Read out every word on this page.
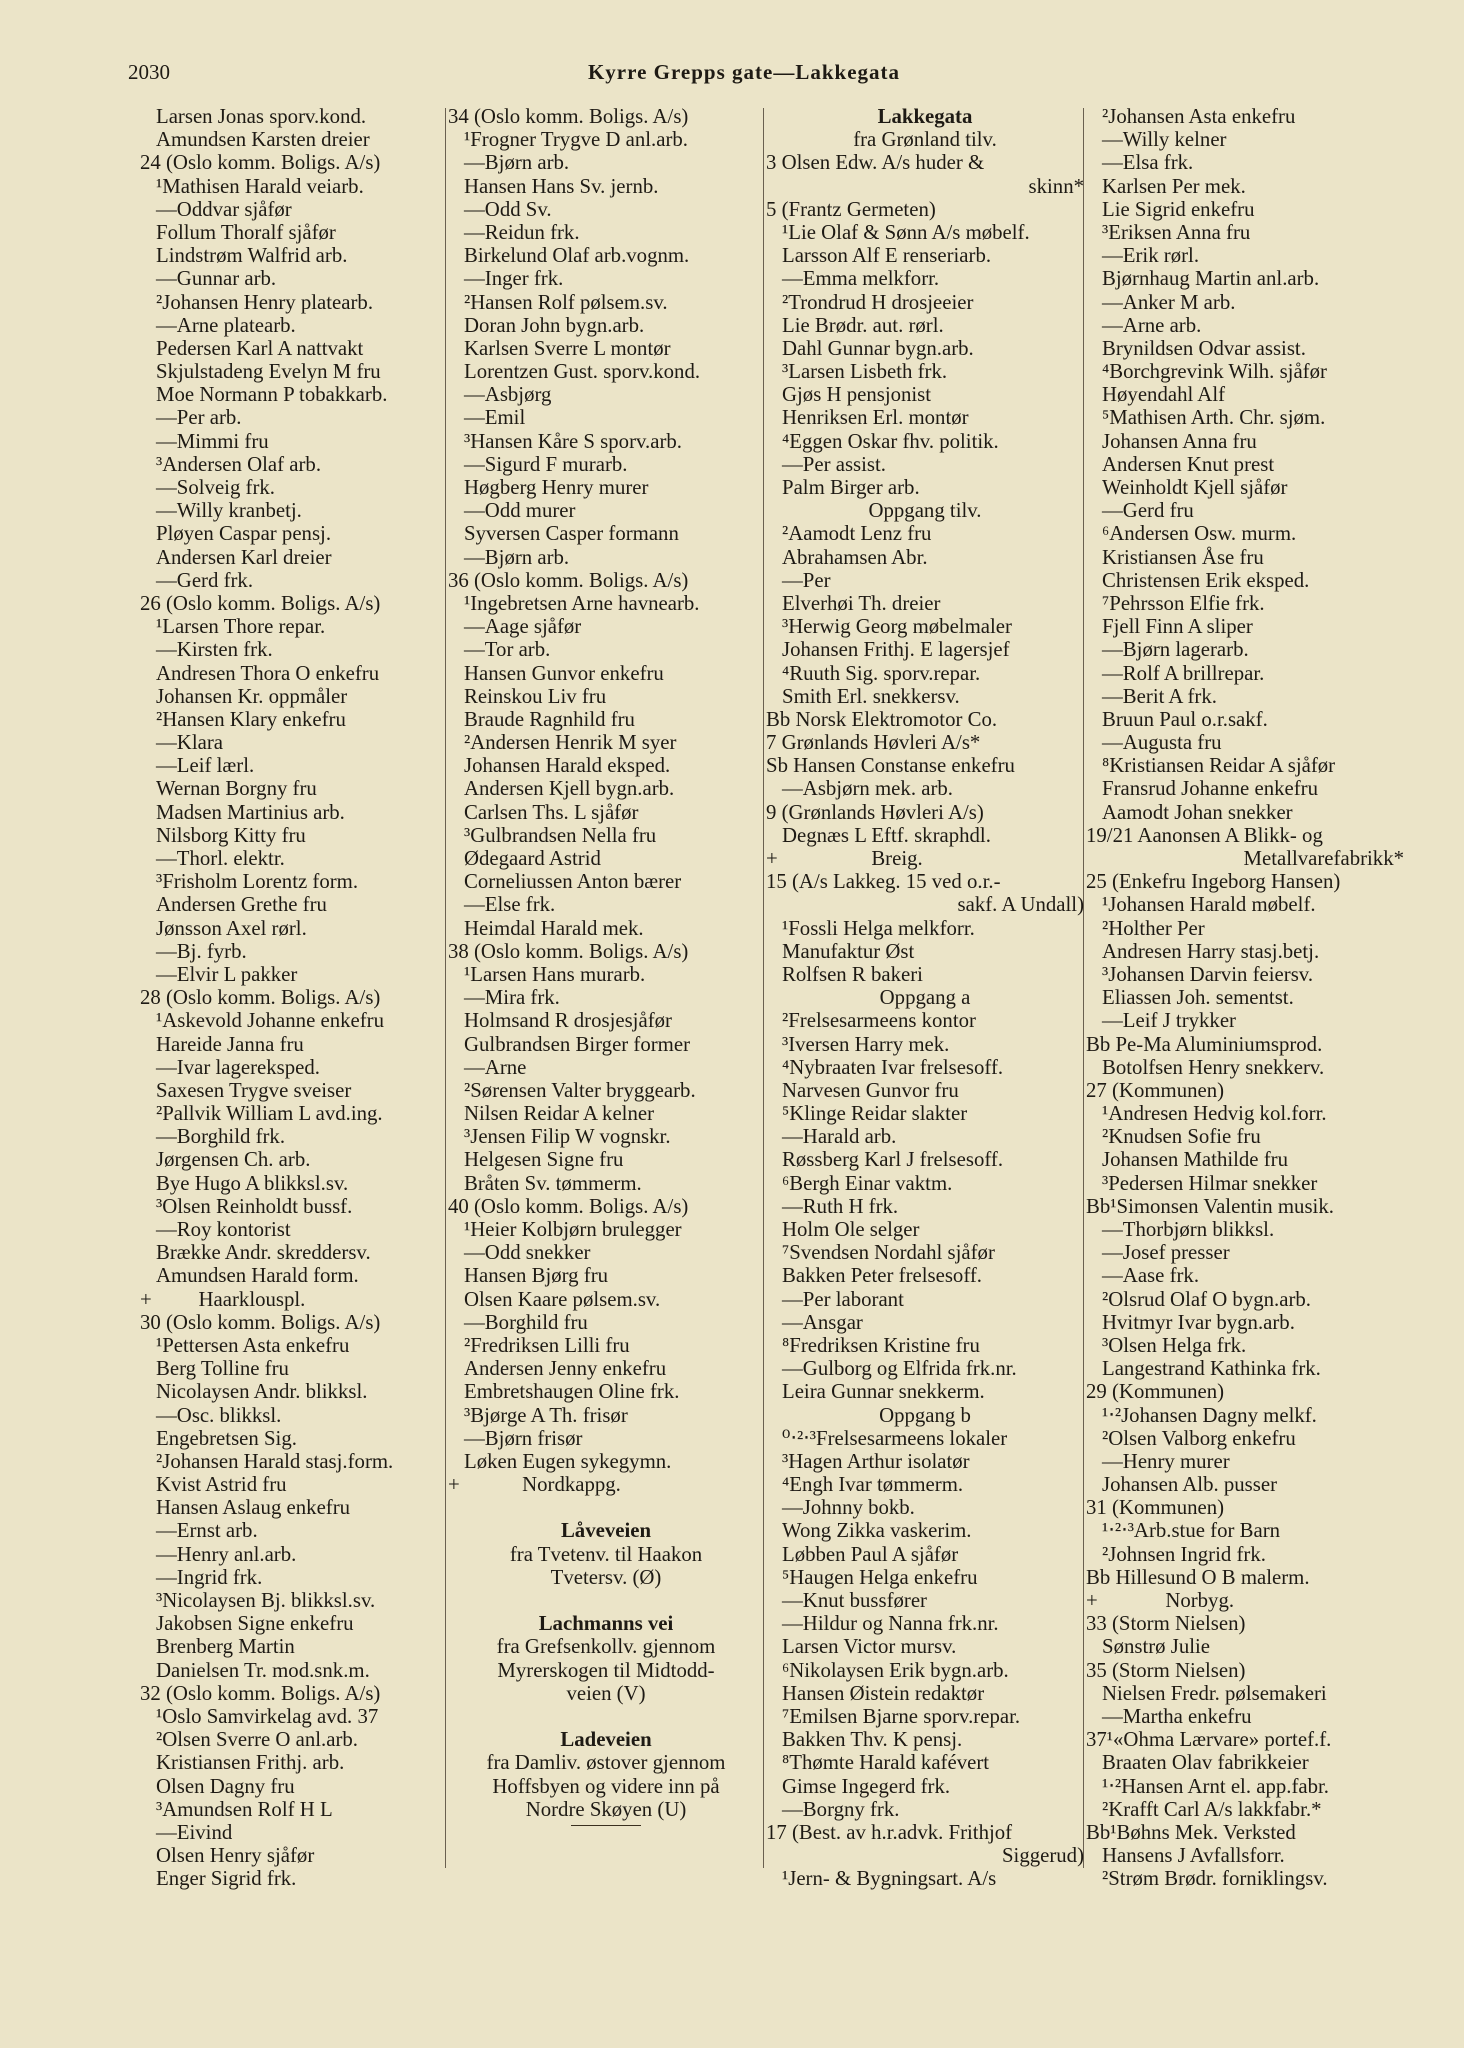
2030	Kyrre Grepps gate—Lakkegata
Larsen Jonas sporv.kond.
Amundsen Karsten dreier
24 (Oslo komm. Boligs. A/s)
¹Mathisen Harald veiarb.
—Oddvar sjåfør
Follum Thoralf sjåfør
Lindstrøm Walfrid arb.
—Gunnar arb.
²Johansen Henry platearb.
—Arne platearb.
Pedersen Karl A nattvakt
Skjulstadeng Evelyn M fru
Moe Normann P tobakkarb.
—Per arb.
—Mimmi fru
³Andersen Olaf arb.
—Solveig frk.
—Willy kranbetj.
Pløyen Caspar pensj.
Andersen Karl dreier
—Gerd frk.
26 (Oslo komm. Boligs. A/s)
¹Larsen Thore repar.
—Kirsten frk.
Andresen Thora O enkefru
Johansen Kr. oppmåler
²Hansen Klary enkefru
—Klara
—Leif lærl.
Wernan Borgny fru
Madsen Martinius arb.
Nilsborg Kitty fru
—Thorl. elektr.
³Frisholm Lorentz form.
Andersen Grethe fru
Jønsson Axel rørl.
—Bj. fyrb.
—Elvir L pakker
28 (Oslo komm. Boligs. A/s)
¹Askevold Johanne enkefru
Hareide Janna fru
—Ivar lagereksped.
Saxesen Trygve sveiser
²Pallvik William L avd.ing.
—Borghild frk.
Jørgensen Ch. arb.
Bye Hugo A blikksl.sv.
³Olsen Reinholdt bussf.
—Roy kontorist
Brække Andr. skreddersv.
Amundsen Harald form.
+         Haarklouspl.
30 (Oslo komm. Boligs. A/s)
¹Pettersen Asta enkefru
Berg Tolline fru
Nicolaysen Andr. blikksl.
—Osc. blikksl.
Engebretsen Sig.
²Johansen Harald stasj.form.
Kvist Astrid fru
Hansen Aslaug enkefru
—Ernst arb.
—Henry anl.arb.
—Ingrid frk.
³Nicolaysen Bj. blikksl.sv.
Jakobsen Signe enkefru
Brenberg Martin
Danielsen Tr. mod.snk.m.
32 (Oslo komm. Boligs. A/s)
¹Oslo Samvirkelag avd. 37
²Olsen Sverre O anl.arb.
Kristiansen Frithj. arb.
Olsen Dagny fru
³Amundsen Rolf H L
—Eivind
Olsen Henry sjåfør
Enger Sigrid frk.
34 (Oslo komm. Boligs. A/s)
¹Frogner Trygve D anl.arb.
—Bjørn arb.
Hansen Hans Sv. jernb.
—Odd Sv.
—Reidun frk.
Birkelund Olaf arb.vognm.
—Inger frk.
²Hansen Rolf pølsem.sv.
Doran John bygn.arb.
Karlsen Sverre L montør
Lorentzen Gust. sporv.kond.
—Asbjørg
—Emil
³Hansen Kåre S sporv.arb.
—Sigurd F murarb.
Høgberg Henry murer
—Odd murer
Syversen Casper formann
—Bjørn arb.
36 (Oslo komm. Boligs. A/s)
¹Ingebretsen Arne havnearb.
—Aage sjåfør
—Tor arb.
Hansen Gunvor enkefru
Reinskou Liv fru
Braude Ragnhild fru
²Andersen Henrik M syer
Johansen Harald eksped.
Andersen Kjell bygn.arb.
Carlsen Ths. L sjåfør
³Gulbrandsen Nella fru
Ødegaard Astrid
Corneliussen Anton bærer
—Else frk.
Heimdal Harald mek.
38 (Oslo komm. Boligs. A/s)
¹Larsen Hans murarb.
—Mira frk.
Holmsand R drosjesjåfør
Gulbrandsen Birger former
—Arne
²Sørensen Valter bryggearb.
Nilsen Reidar A kelner
³Jensen Filip W vognskr.
Helgesen Signe fru
Bråten Sv. tømmerm.
40 (Oslo komm. Boligs. A/s)
¹Heier Kolbjørn brulegger
—Odd snekker
Hansen Bjørg fru
Olsen Kaare pølsem.sv.
—Borghild fru
²Fredriksen Lilli fru
Andersen Jenny enkefru
Embretshaugen Oline frk.
³Bjørge A Th. frisør
—Bjørn frisør
Løken Eugen sykegymn.
+            Nordkappg.
Låveveien
fra Tvetenv. til Haakon
Tvetersv. (Ø)
Lachmanns vei
fra Grefsenkollv. gjennom
Myrerskogen til Midtodd-
veien (V)
Ladeveien
fra Damliv. østover gjennom
Hoffsbyen og videre inn på
Nordre Skøyen (U)
Lakkegata
fra Grønland tilv.
3 Olsen Edw. A/s huder &
skinn*
5 (Frantz Germeten)
¹Lie Olaf & Sønn A/s møbelf.
Larsson Alf E renseriarb.
—Emma melkforr.
²Trondrud H drosjeeier
Lie Brødr. aut. rørl.
Dahl Gunnar bygn.arb.
³Larsen Lisbeth frk.
Gjøs H pensjonist
Henriksen Erl. montør
⁴Eggen Oskar fhv. politik.
—Per assist.
Palm Birger arb.
Oppgang tilv.
²Aamodt Lenz fru
Abrahamsen Abr.
—Per
Elverhøi Th. dreier
³Herwig Georg møbelmaler
Johansen Frithj. E lagersjef
⁴Ruuth Sig. sporv.repar.
Smith Erl. snekkersv.
Bb Norsk Elektromotor Co.
7 Grønlands Høvleri A/s*
Sb Hansen Constanse enkefru
—Asbjørn mek. arb.
9 (Grønlands Høvleri A/s)
Degnæs L Eftf. skraphdl.
+                  Breig.
15 (A/s Lakkeg. 15 ved o.r.-
sakf. A Undall)
¹Fossli Helga melkforr.
Manufaktur Øst
Rolfsen R bakeri
Oppgang a
²Frelsesarmeens kontor
³Iversen Harry mek.
⁴Nybraaten Ivar frelsesoff.
Narvesen Gunvor fru
⁵Klinge Reidar slakter
—Harald arb.
Røssberg Karl J frelsesoff.
⁶Bergh Einar vaktm.
—Ruth H frk.
Holm Ole selger
⁷Svendsen Nordahl sjåfør
Bakken Peter frelsesoff.
—Per laborant
—Ansgar
⁸Fredriksen Kristine fru
—Gulborg og Elfrida frk.nr.
Leira Gunnar snekkerm.
Oppgang b
⁰‧²‧³Frelsesarmeens lokaler
³Hagen Arthur isolatør
⁴Engh Ivar tømmerm.
—Johnny bokb.
Wong Zikka vaskerim.
Løbben Paul A sjåfør
⁵Haugen Helga enkefru
—Knut bussfører
—Hildur og Nanna frk.nr.
Larsen Victor mursv.
⁶Nikolaysen Erik bygn.arb.
Hansen Øistein redaktør
⁷Emilsen Bjarne sporv.repar.
Bakken Thv. K pensj.
⁸Thømte Harald kafévert
Gimse Ingegerd frk.
—Borgny frk.
17 (Best. av h.r.advk. Frithjof
Siggerud)
¹Jern- & Bygningsart. A/s
²Johansen Asta enkefru
—Willy kelner
—Elsa frk.
Karlsen Per mek.
Lie Sigrid enkefru
³Eriksen Anna fru
—Erik rørl.
Bjørnhaug Martin anl.arb.
—Anker M arb.
—Arne arb.
Brynildsen Odvar assist.
⁴Borchgrevink Wilh. sjåfør
Høyendahl Alf
⁵Mathisen Arth. Chr. sjøm.
Johansen Anna fru
Andersen Knut prest
Weinholdt Kjell sjåfør
—Gerd fru
⁶Andersen Osw. murm.
Kristiansen Åse fru
Christensen Erik eksped.
⁷Pehrsson Elfie frk.
Fjell Finn A sliper
—Bjørn lagerarb.
—Rolf A brillrepar.
—Berit A frk.
Bruun Paul o.r.sakf.
—Augusta fru
⁸Kristiansen Reidar A sjåfør
Fransrud Johanne enkefru
Aamodt Johan snekker
19/21 Aanonsen A Blikk- og
Metallvarefabrikk*
25 (Enkefru Ingeborg Hansen)
¹Johansen Harald møbelf.
²Holther Per
Andresen Harry stasj.betj.
³Johansen Darvin feiersv.
Eliassen Joh. sementst.
—Leif J trykker
Bb Pe-Ma Aluminiumsprod.
Botolfsen Henry snekkerv.
27 (Kommunen)
¹Andresen Hedvig kol.forr.
²Knudsen Sofie fru
Johansen Mathilde fru
³Pedersen Hilmar snekker
Bb¹Simonsen Valentin musik.
—Thorbjørn blikksl.
—Josef presser
—Aase frk.
²Olsrud Olaf O bygn.arb.
Hvitmyr Ivar bygn.arb.
³Olsen Helga frk.
Langestrand Kathinka frk.
29 (Kommunen)
¹‧²Johansen Dagny melkf.
²Olsen Valborg enkefru
—Henry murer
Johansen Alb. pusser
31 (Kommunen)
¹‧²‧³Arb.stue for Barn
²Johnsen Ingrid frk.
Bb Hillesund O B malerm.
+             Norbyg.
33 (Storm Nielsen)
Sønstrø Julie
35 (Storm Nielsen)
Nielsen Fredr. pølsemakeri
—Martha enkefru
37¹«Ohma Lærvare» portef.f.
Braaten Olav fabrikkeier
¹‧²Hansen Arnt el. app.fabr.
²Krafft Carl A/s lakkfabr.*
Bb¹Bøhns Mek. Verksted
Hansens J Avfallsforr.
²Strøm Brødr. forniklingsv.
